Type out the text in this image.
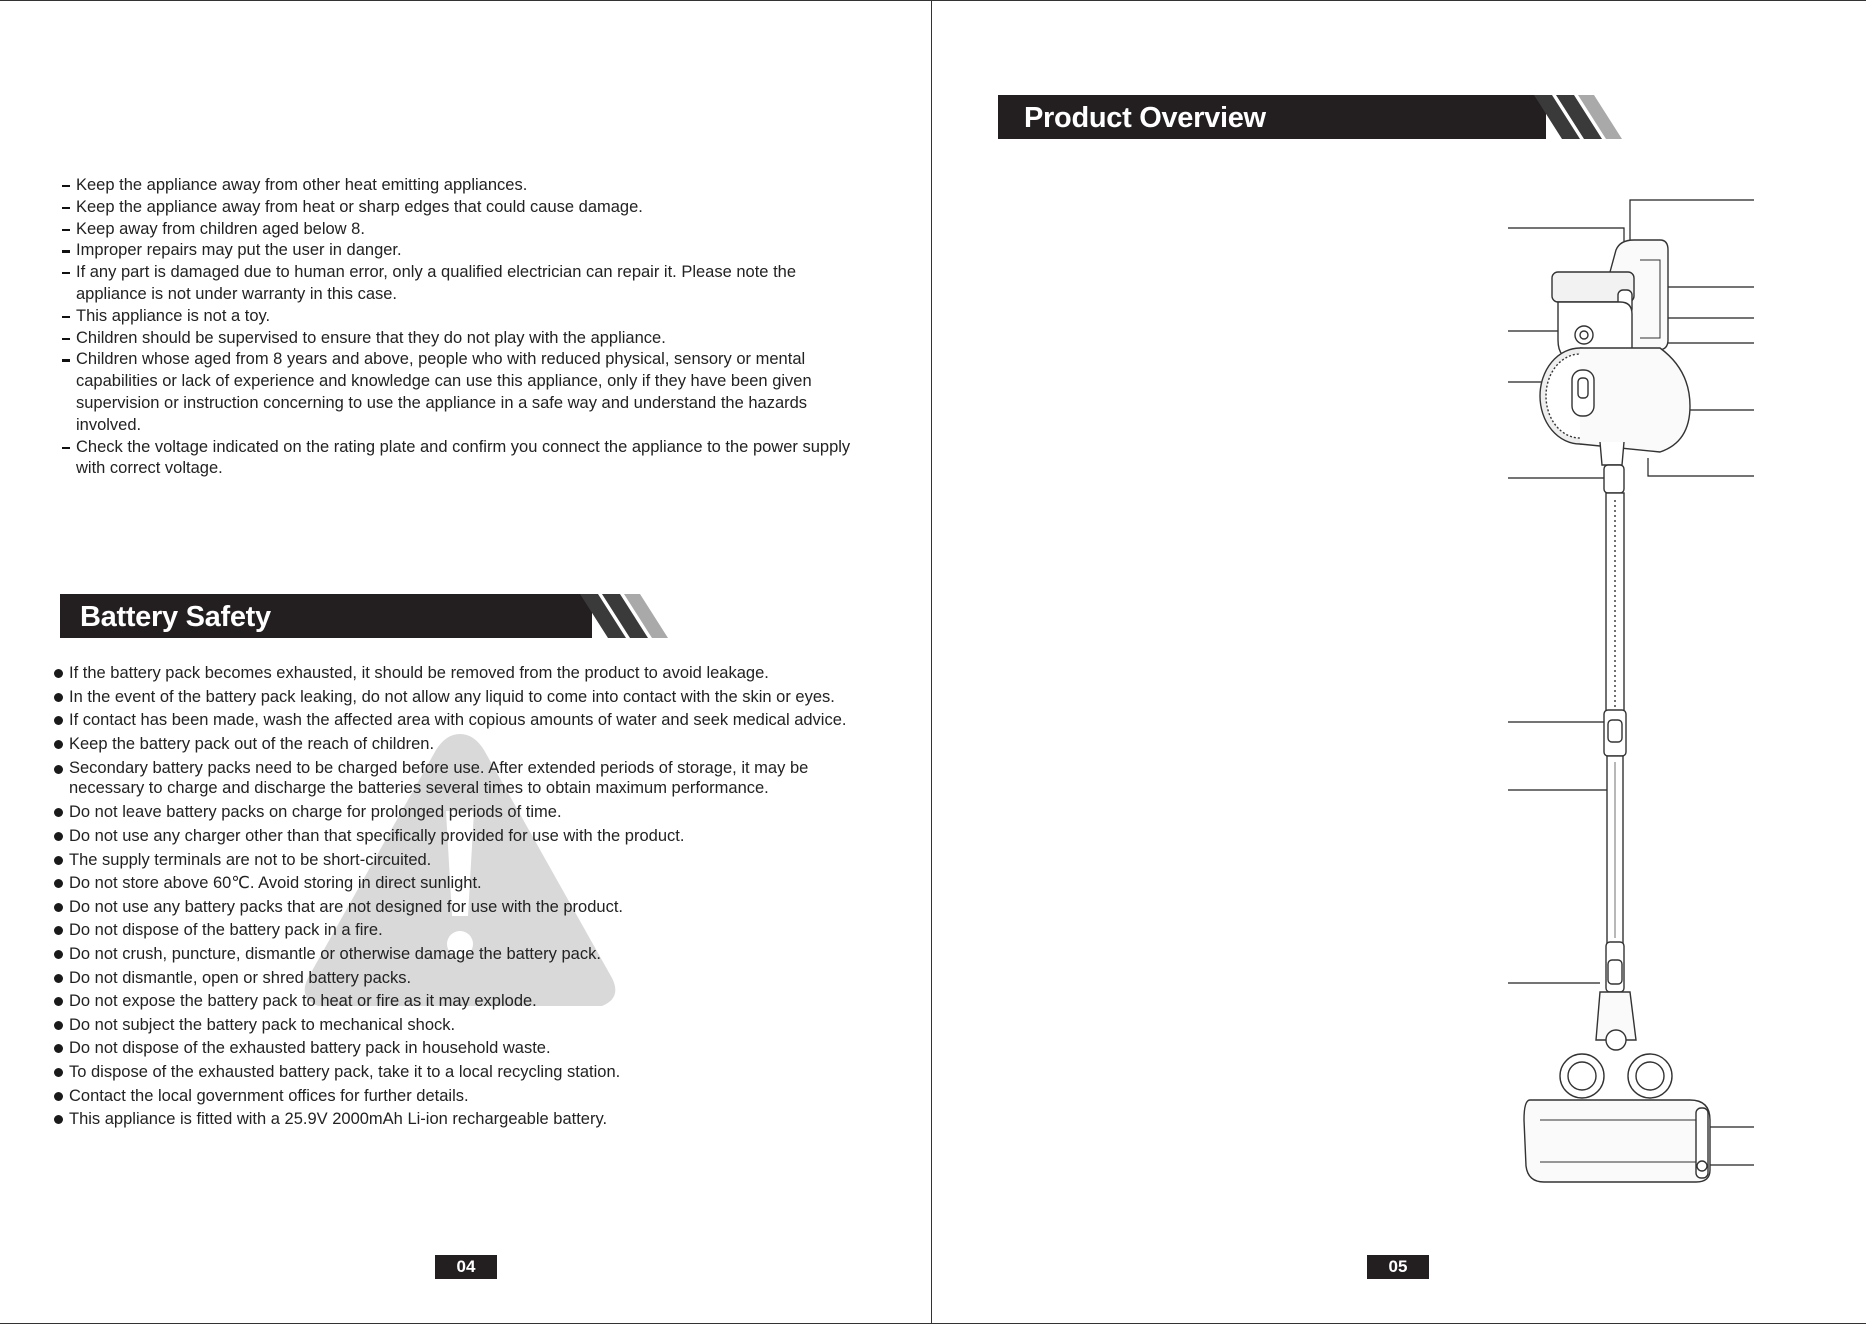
Keep the appliance away from other heat emitting appliances.
Keep the appliance away from heat or sharp edges that could cause damage.
Keep away from children aged below 8.
Improper repairs may put the user in danger.
If any part is damaged due to human error, only a qualified electrician can repair it. Please note the appliance is not under warranty in this case.
This appliance is not a toy.
Children should be supervised to ensure that they do not play with the appliance.
Children whose aged from 8 years and above, people who with reduced physical, sensory or mental capabilities or lack of experience and knowledge can use this appliance, only if they have been given supervision or instruction concerning to use the appliance in a safe way and understand the hazards involved.
Check the voltage indicated on the rating plate and confirm you connect the appliance to the power supply with correct voltage.
Battery Safety
If the battery pack becomes exhausted, it should be removed from the product to avoid leakage.
In the event of the battery pack leaking, do not allow any liquid to come into contact with the skin or eyes.
If contact has been made, wash the affected area with copious amounts of water and seek medical advice.
Keep the battery pack out of the reach of children.
Secondary battery packs need to be charged before use. After extended periods of storage, it may be necessary to charge and discharge the batteries several times to obtain maximum performance.
Do not leave battery packs on charge for prolonged periods of time.
Do not use any charger other than that specifically provided for use with the product.
The supply terminals are not to be short-circuited.
Do not store above 60℃. Avoid storing in direct sunlight.
Do not use any battery packs that are not designed for use with the product.
Do not dispose of the battery pack in a fire.
Do not crush, puncture, dismantle or otherwise damage the battery pack.
Do not dismantle, open or shred battery packs.
Do not expose the battery pack to heat or fire as it may explode.
Do not subject the battery pack to mechanical shock.
Do not dispose of the exhausted battery pack in household waste.
To dispose of the exhausted battery pack, take it to a local recycling station.
Contact the local government offices for further details.
This appliance is fitted with a 25.9V 2000mAh Li-ion rechargeable battery.
04
Product Overview
05
